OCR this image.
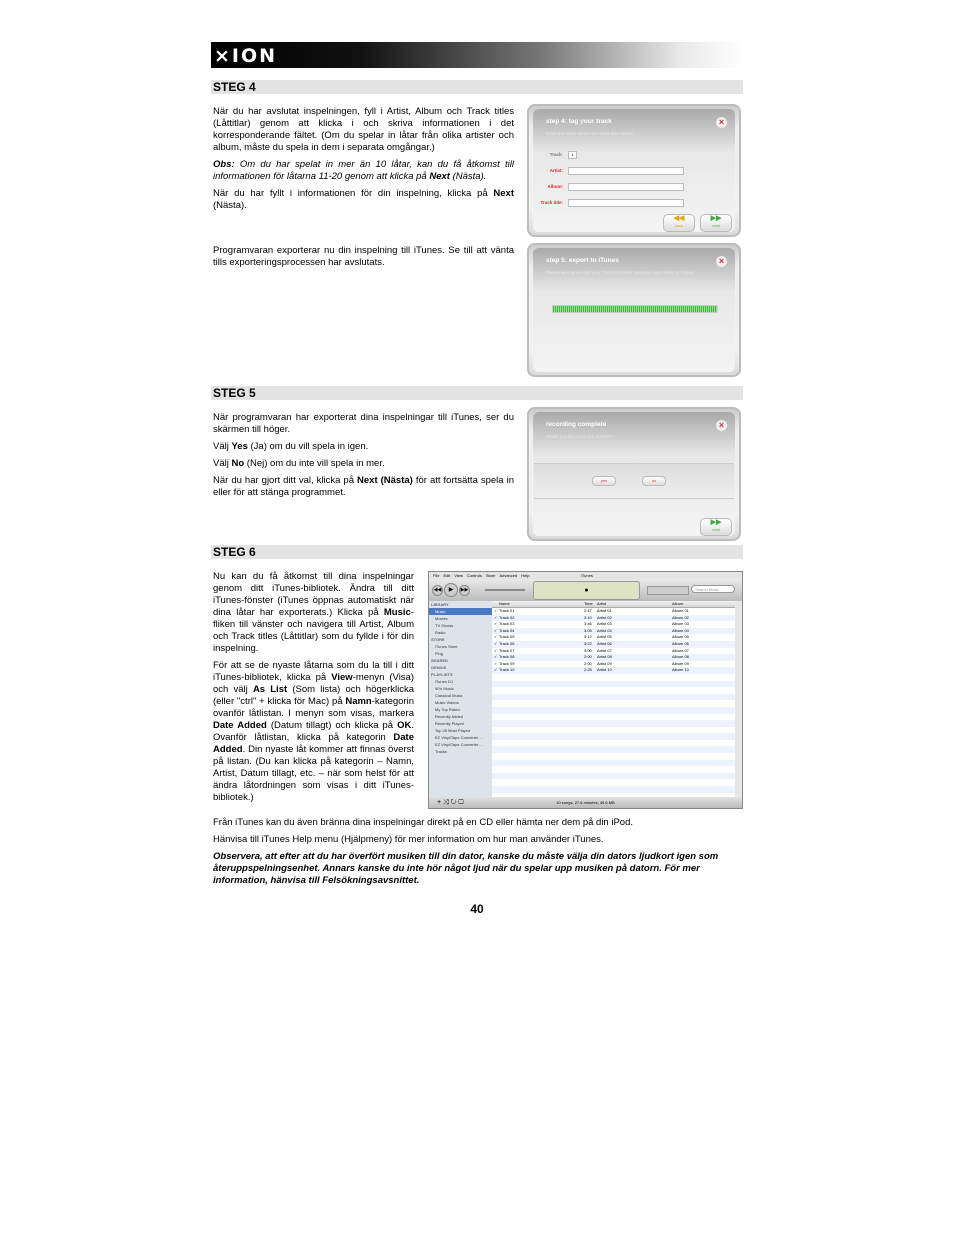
⨯ION
STEG 4

När du har avslutat inspelningen, fyll i Artist, Album och Track titles (Låttitlar) genom att klicka i och skriva informationen i det korresponderande fältet. (Om du spelar in låtar från olika artister och album, måste du spela in dem i separata omgångar.)

Obs: Om du har spelat in mer än 10 låtar, kan du få åtkomst till informationen för låtarna 11-20 genom att klicka på Next (Nästa).

När du har fyllt i informationen för din inspelning, klicka på Next (Nästa).

Programvaran exporterar nu din inspelning till iTunes. Se till att vänta tills exporteringsprocessen har avslutats.

step 4: tag your track
Enter the artist, album and track title names.
×
Track:	1
Artist:
Album:
Track title:
◀◀
back
▶▶
next
step 5: export to iTunes
Please wait as we add your Track Recorder sessions your music to iTunes.
×
STEG 5

När programvaran har exporterat dina inspelningar till iTunes, ser du skärmen till höger.

Välj Yes (Ja) om du vill spela in igen.

Välj No (Nej) om du inte vill spela in mer.

När du har gjort ditt val, klicka på Next (Nästa) för att fortsätta spela in eller för att stänga programmet.

recording complete
Would you like to record another?
×
yes	no
▶▶
next
STEG 6

Nu kan du få åtkomst till dina inspelningar genom ditt iTunes-bibliotek. Ändra till ditt iTunes-fönster (iTunes öppnas automatiskt när dina låtar har exporterats.) Klicka på Music-fliken till vänster och navigera till Artist, Album och Track titles (Låttitlar) som du fyllde i för din inspelning.

För att se de nyaste låtarna som du la till i ditt iTunes-bibliotek, klicka på View-menyn (Visa) och välj As List (Som lista) och högerklicka (eller "ctrl" + klicka för Mac) på Namn-kategorin ovanför låtlistan. I menyn som visas, markera Date Added (Datum tillagt) och klicka på OK. Ovanför låtlistan, klicka på kategorin Date Added. Din nyaste låt kommer att finnas överst på listan. (Du kan klicka på kategorin – Namn, Artist, Datum tillagt, etc. – när som helst för att ändra låtordningen som visas i ditt iTunes-bibliotek.)

File Edit View Controls Store Advanced Help	iTunes
◀◀	▶	▶▶	●	Search Music
LIBRARY
Music
Movies
TV Shows
Radio
STORE
iTunes Store
Ping
SHARED
GENIUS
PLAYLISTS
iTunes DJ
90's Music
Classical Music
Music Videos
My Top Rated
Recently Added
Recently Played
Top 25 Most Played
EZ Vinyl/Tape Converter ...
EZ Vinyl/Tape Converter ...
Tracks
Name	Time Artist	Album
✓ Track 01	2:47 Artist 01	Album 01
✓ Track 02	3:10 Artist 02	Album 02
✓ Track 03	3:46 Artist 03	Album 03
✓ Track 04	3:05 Artist 04	Album 04
✓ Track 05	3:12 Artist 05	Album 05
✓ Track 06	3:22 Artist 06	Album 06
✓ Track 07	3:00 Artist 07	Album 07
✓ Track 08	2:00 Artist 08	Album 08
✓ Track 09	2:00 Artist 09	Album 09
✓ Track 10	2:25 Artist 10	Album 10
+ ⤨ ↻ ▢	10 songs, 27.6 minutes, 49.6 MB

Från iTunes kan du även bränna dina inspelningar direkt på en CD eller hämta ner dem på din iPod.

Hänvisa till iTunes Help menu (Hjälpmeny) för mer information om hur man använder iTunes.

Observera, att efter att du har överfört musiken till din dator, kanske du måste välja din dators ljudkort igen som återuppspelningsenhet. Annars kanske du inte hör något ljud när du spelar upp musiken på datorn. För mer information, hänvisa till Felsökningsavsnittet.

40
